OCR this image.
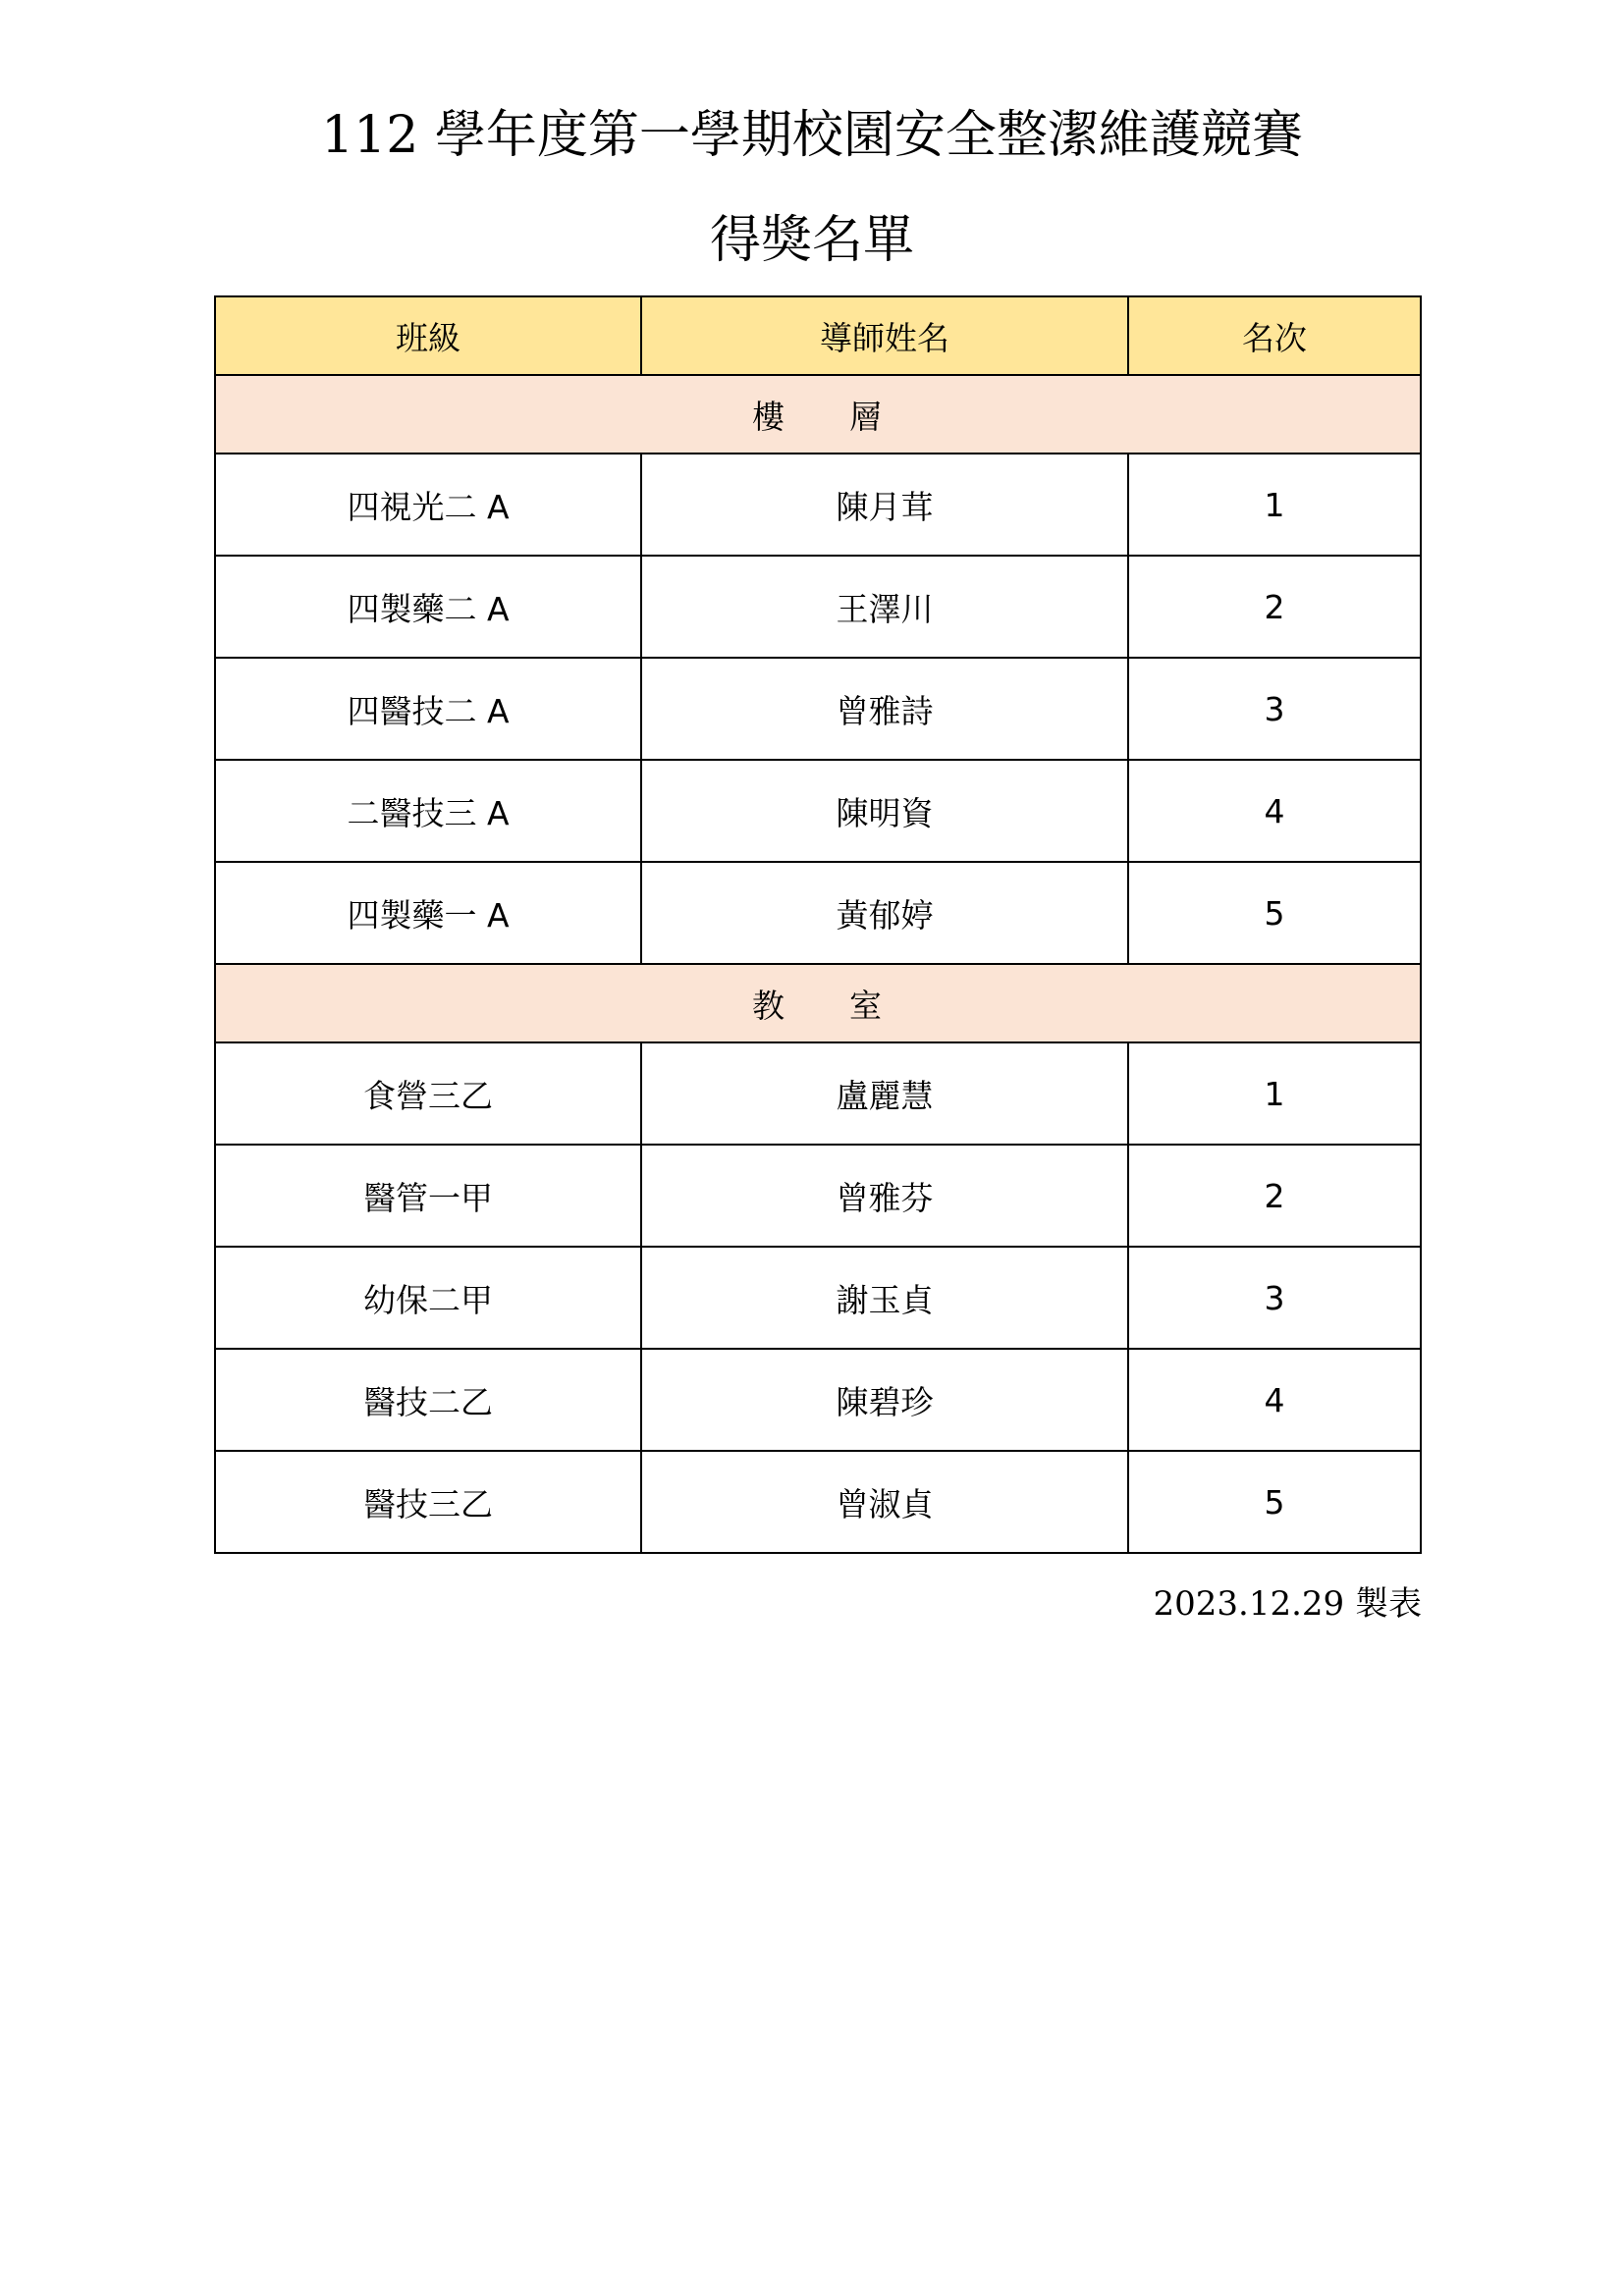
112 學年度第一學期校園安全整潔維護競賽
得獎名單
班級	導師姓名	名次
樓 層		
四視光二 A	陳月茸	1
四製藥二 A	王澤川	2
四醫技二 A	曾雅詩	3
二醫技三 A	陳明資	4
四製藥一 A	黃郁婷	5
教 室		
食營三乙	盧麗慧	1
醫管一甲	曾雅芬	2
幼保二甲	謝玉貞	3
醫技二乙	陳碧珍	4
醫技三乙	曾淑貞	5
2023.12.29 製表
